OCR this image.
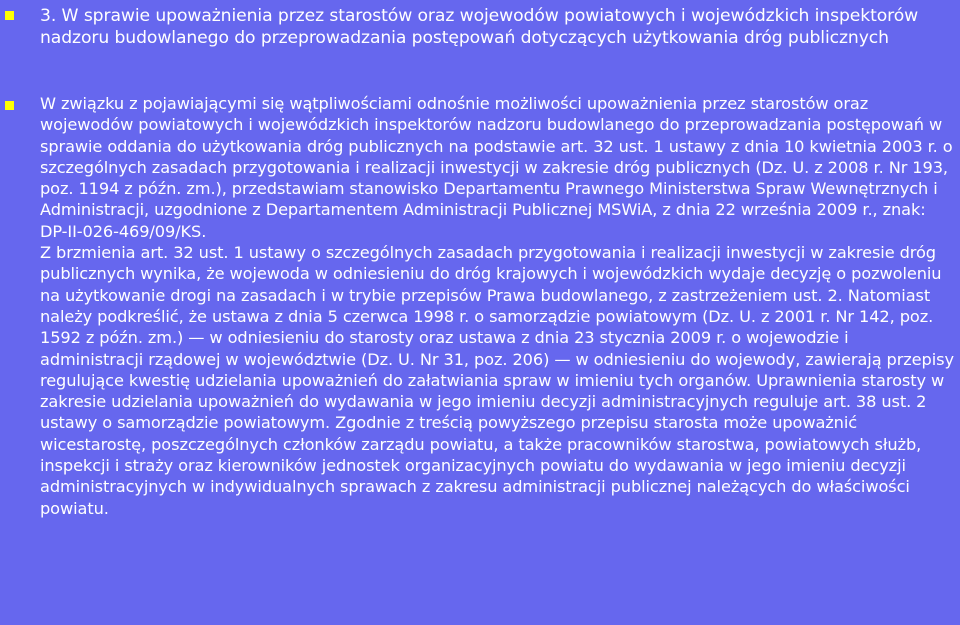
3. W sprawie upoważnienia przez starostów oraz wojewodów powiatowych i wojewódzkich inspektorów nadzoru budowlanego do przeprowadzania postępowań dotyczących użytkowania dróg publicznych

W związku z pojawiającymi się wątpliwościami odnośnie możliwości upoważnienia przez starostów oraz wojewodów powiatowych i wojewódzkich inspektorów nadzoru budowlanego do przeprowadzania postępowań w sprawie oddania do użytkowania dróg publicznych na podstawie art. 32 ust. 1 ustawy z dnia 10 kwietnia 2003 r. o szczególnych zasadach przygotowania i realizacji inwestycji w zakresie dróg publicznych (Dz. U. z 2008 r. Nr 193, poz. 1194 z późn. zm.), przedstawiam stanowisko Departamentu Prawnego Ministerstwa Spraw Wewnętrznych i Administracji, uzgodnione z Departamentem Administracji Publicznej MSWiA, z dnia 22 września 2009 r., znak: DP-II-026-469/09/KS.
Z brzmienia art. 32 ust. 1 ustawy o szczególnych zasadach przygotowania i realizacji inwestycji w zakresie dróg publicznych wynika, że wojewoda w odniesieniu do dróg krajowych i wojewódzkich wydaje decyzję o pozwoleniu na użytkowanie drogi na zasadach i w trybie przepisów Prawa budowlanego, z zastrzeżeniem ust. 2. Natomiast należy podkreślić, że ustawa z dnia 5 czerwca 1998 r. o samorządzie powiatowym (Dz. U. z 2001 r. Nr 142, poz. 1592 z późn. zm.) — w odniesieniu do starosty oraz ustawa z dnia 23 stycznia 2009 r. o wojewodzie i administracji rządowej w województwie (Dz. U. Nr 31, poz. 206) — w odniesieniu do wojewody, zawierają przepisy regulujące kwestię udzielania upoważnień do załatwiania spraw w imieniu tych organów. Uprawnienia starosty w zakresie udzielania upoważnień do wydawania w jego imieniu decyzji administracyjnych reguluje art. 38 ust. 2 ustawy o samorządzie powiatowym. Zgodnie z treścią powyższego przepisu starosta może upoważnić wicestarostę, poszczególnych członków zarządu powiatu, a także pracowników starostwa, powiatowych służb, inspekcji i straży oraz kierowników jednostek organizacyjnych powiatu do wydawania w jego imieniu decyzji administracyjnych w indywidualnych sprawach z zakresu administracji publicznej należących do właściwości powiatu.
